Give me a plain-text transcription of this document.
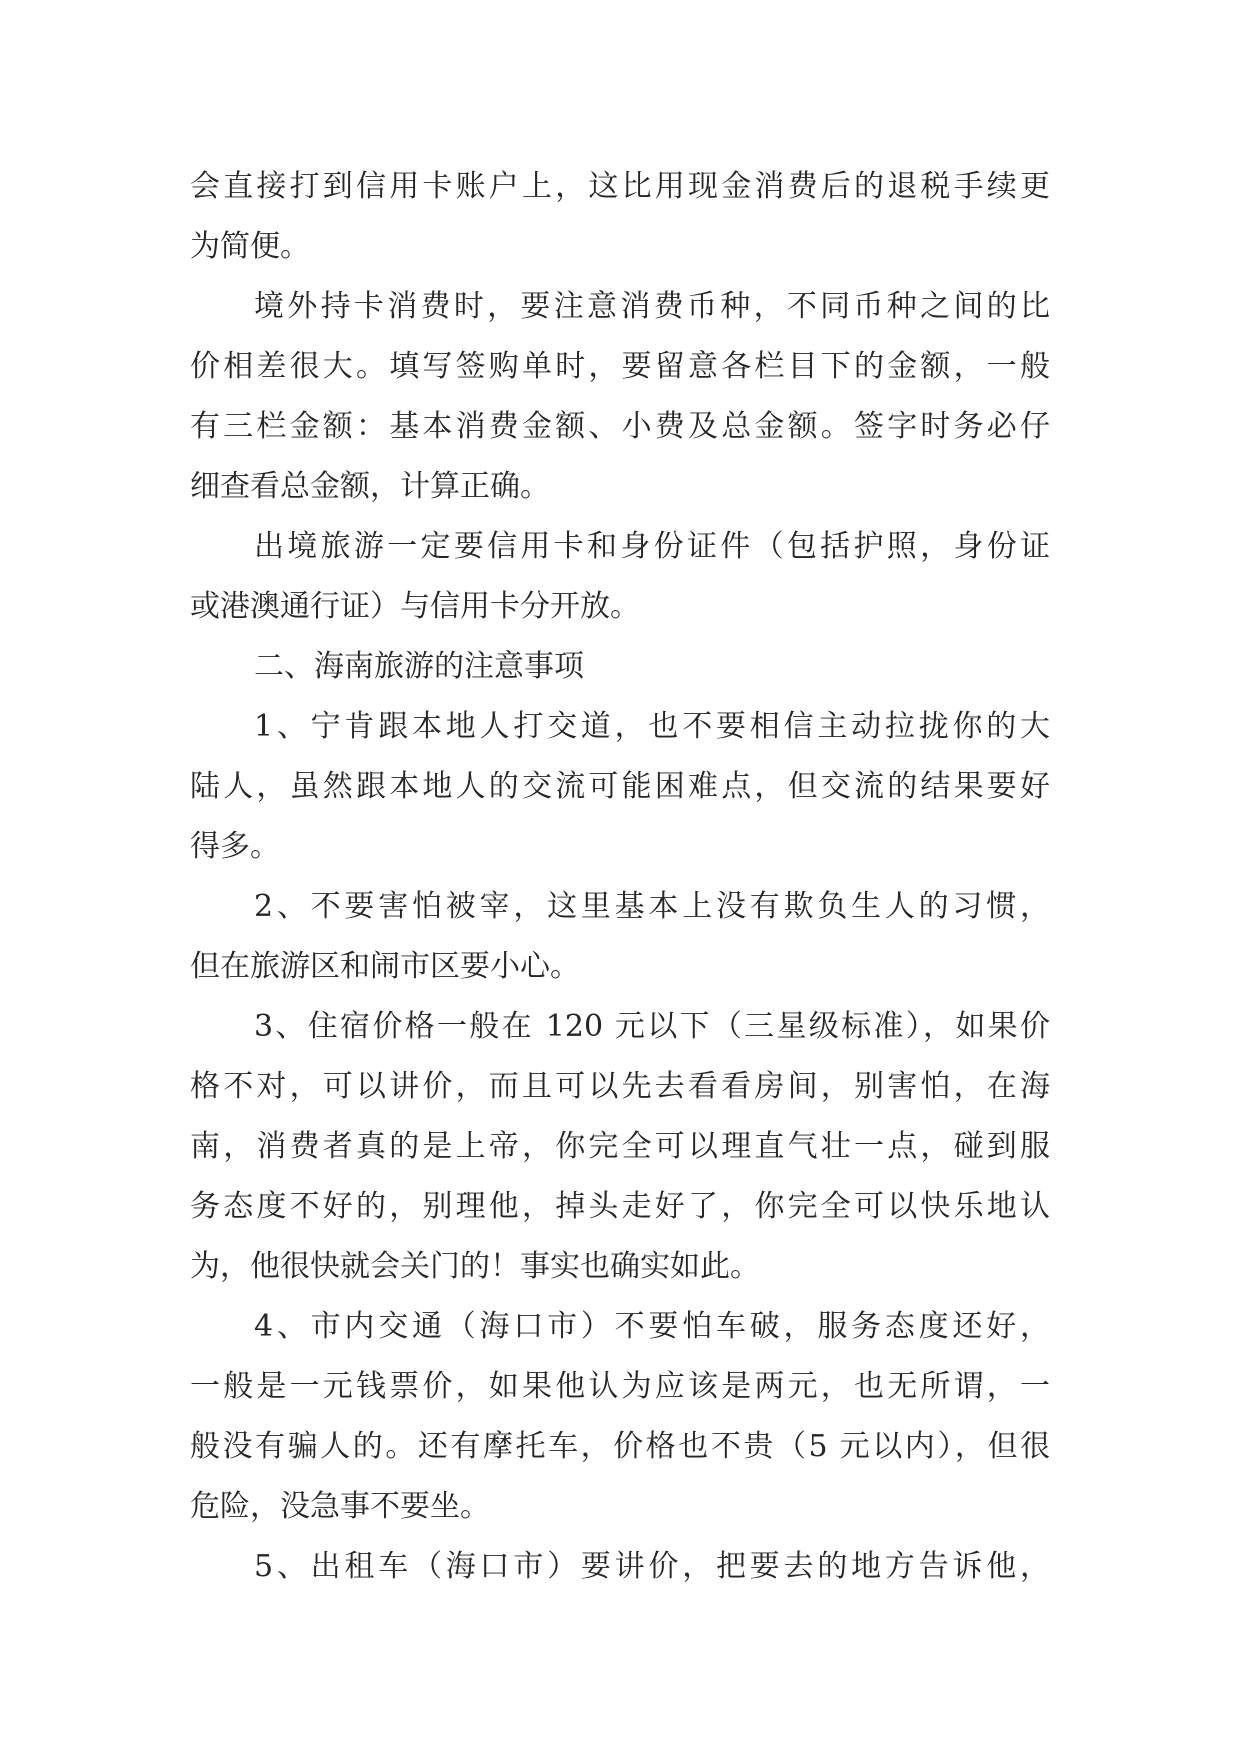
会直接打到信用卡账户上，这比用现金消费后的退税手续更

为简便。

境外持卡消费时，要注意消费币种，不同币种之间的比

价相差很大。填写签购单时，要留意各栏目下的金额，一般

有三栏金额：基本消费金额、小费及总金额。签字时务必仔

细查看总金额，计算正确。

出境旅游一定要信用卡和身份证件（包括护照，身份证

或港澳通行证）与信用卡分开放。

二、海南旅游的注意事项

1、宁肯跟本地人打交道，也不要相信主动拉拢你的大

陆人，虽然跟本地人的交流可能困难点，但交流的结果要好

得多。

2、不要害怕被宰，这里基本上没有欺负生人的习惯，

但在旅游区和闹市区要小心。

3、住宿价格一般在 120 元以下（三星级标准），如果价

格不对，可以讲价，而且可以先去看看房间，别害怕，在海

南，消费者真的是上帝，你完全可以理直气壮一点，碰到服

务态度不好的，别理他，掉头走好了，你完全可以快乐地认

为，他很快就会关门的！事实也确实如此。

4、市内交通（海口市）不要怕车破，服务态度还好，

一般是一元钱票价，如果他认为应该是两元，也无所谓，一

般没有骗人的。还有摩托车，价格也不贵（5 元以内），但很

危险，没急事不要坐。

5、出租车（海口市）要讲价，把要去的地方告诉他，
